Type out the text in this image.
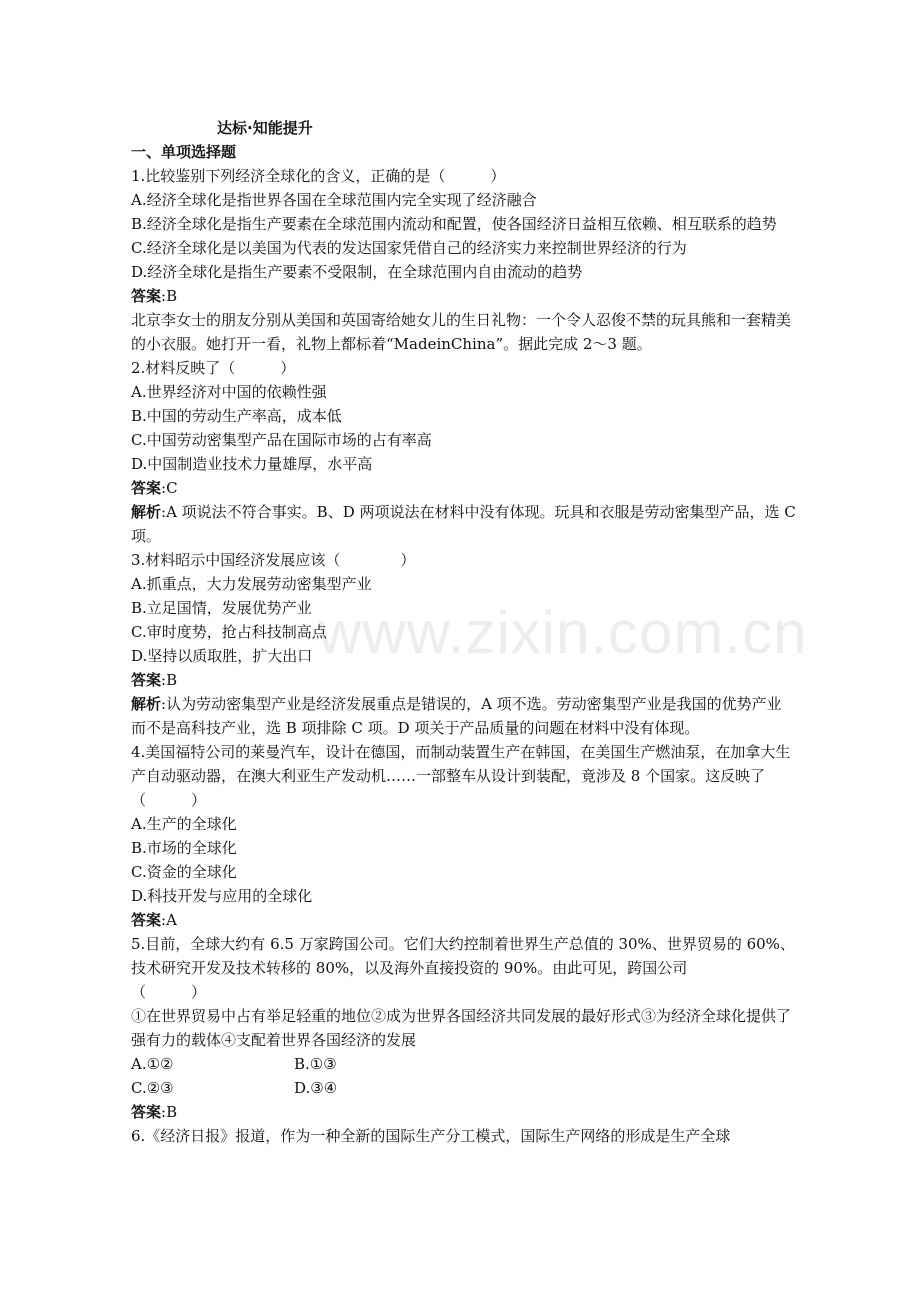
www.zixin.com.cn
达标·知能提升
一、单项选择题
1.比较鉴别下列经济全球化的含义，正确的是（　　　）
A.经济全球化是指世界各国在全球范围内完全实现了经济融合
B.经济全球化是指生产要素在全球范围内流动和配置，使各国经济日益相互依赖、相互联系的趋势
C.经济全球化是以美国为代表的发达国家凭借自己的经济实力来控制世界经济的行为
D.经济全球化是指生产要素不受限制，在全球范围内自由流动的趋势
答案:B
北京李女士的朋友分别从美国和英国寄给她女儿的生日礼物：一个令人忍俊不禁的玩具熊和一套精美的小衣服。她打开一看，礼物上都标着“MadeinChina”。据此完成 2～3 题。
2.材料反映了（　　　）
A.世界经济对中国的依赖性强
B.中国的劳动生产率高，成本低
C.中国劳动密集型产品在国际市场的占有率高
D.中国制造业技术力量雄厚，水平高
答案:C
解析:A 项说法不符合事实。B、D 两项说法在材料中没有体现。玩具和衣服是劳动密集型产品，选 C 项。
3.材料昭示中国经济发展应该（　　　　）
A.抓重点，大力发展劳动密集型产业
B.立足国情，发展优势产业
C.审时度势，抢占科技制高点
D.坚持以质取胜，扩大出口
答案:B
解析:认为劳动密集型产业是经济发展重点是错误的，A 项不选。劳动密集型产业是我国的优势产业而不是高科技产业，选 B 项排除 C 项。D 项关于产品质量的问题在材料中没有体现。
4.美国福特公司的莱曼汽车，设计在德国，而制动装置生产在韩国，在美国生产燃油泵，在加拿大生产自动驱动器，在澳大利亚生产发动机……一部整车从设计到装配，竟涉及 8 个国家。这反映了（　　　）
A.生产的全球化
B.市场的全球化
C.资金的全球化
D.科技开发与应用的全球化
答案:A
5.目前，全球大约有 6.5 万家跨国公司。它们大约控制着世界生产总值的 30%、世界贸易的 60%、技术研究开发及技术转移的 80%，以及海外直接投资的 90%。由此可见，跨国公司
（　　　）
①在世界贸易中占有举足轻重的地位②成为世界各国经济共同发展的最好形式③为经济全球化提供了强有力的载体④支配着世界各国经济的发展
A.①②	B.①③
C.②③	D.③④
答案:B
6.《经济日报》报道，作为一种全新的国际生产分工模式，国际生产网络的形成是生产全球
